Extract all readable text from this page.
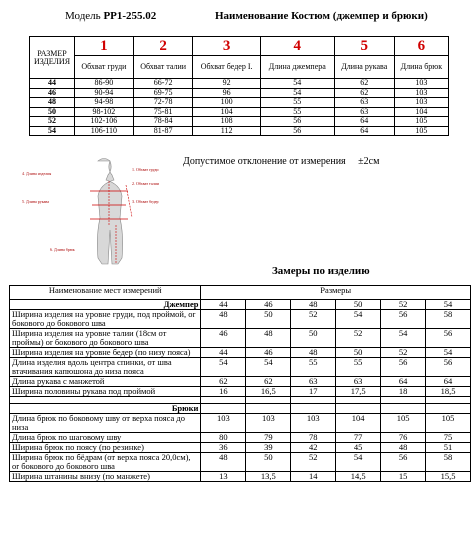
Модель PP1-255.02	Наименование Костюм (джемпер и брюки)
РАЗМЕР ИЗДЕЛИЯ	1	2	3	4	5	6
	Обхват груди	Обхват талии	Обхват бедер I.	Длина джемпера	Длина рукава	Длина брюк
44	86-90	66-72	92	54	62	103
46	90-94	69-75	96	54	62	103
48	94-98	72-78	100	55	63	103
50	98-102	75-81	104	55	63	104
52	102-106	78-84	108	56	64	105
54	106-110	81-87	112	56	64	105
Допустимое отклонение от измерения ±2см
1. Обхват груди
2. Обхват талии
3. Обхват бедер
4. Длина изделия
5. Длина рукава
6. Длина брюк
Замеры по изделию
Наименование мест измерений	Размеры					

Джемпер	44	46	48	50	52	54
Ширина изделия на уровне груди, под проймой, оr бокового до бокового шва	48	50	52	54	56	58
Ширина изделия на уровне талии (18см от проймы) оr бокового до бокового шва	46	48	50	52	54	56
Ширина изделия на уровне бедер (по низу пояса)	44	46	48	50	52	54
Длина изделия вдоль центра спинки, от шва втачивания капюшона до низа пояса	54	54	55	55	56	56
Длина рукава с манжетой	62	62	63	63	64	64
Ширина половины рукава под проймой	16	16,5	17	17,5	18	18,5

Брюки						
Длина брюк по боковому шву от верха пояса до низа	103	103	103	104	105	105
Длина брюк по шаговому шву	80	79	78	77	76	75
Ширина брюк по поясу (по резинке)	36	39	42	45	48	51
Ширина брюк по бёдрам (от верха пояса 20,0см), оr бокового до бокового шва	48	50	52	54	56	58
Ширина штанины внизу (по манжете)	13	13,5	14	14,5	15	15,5
